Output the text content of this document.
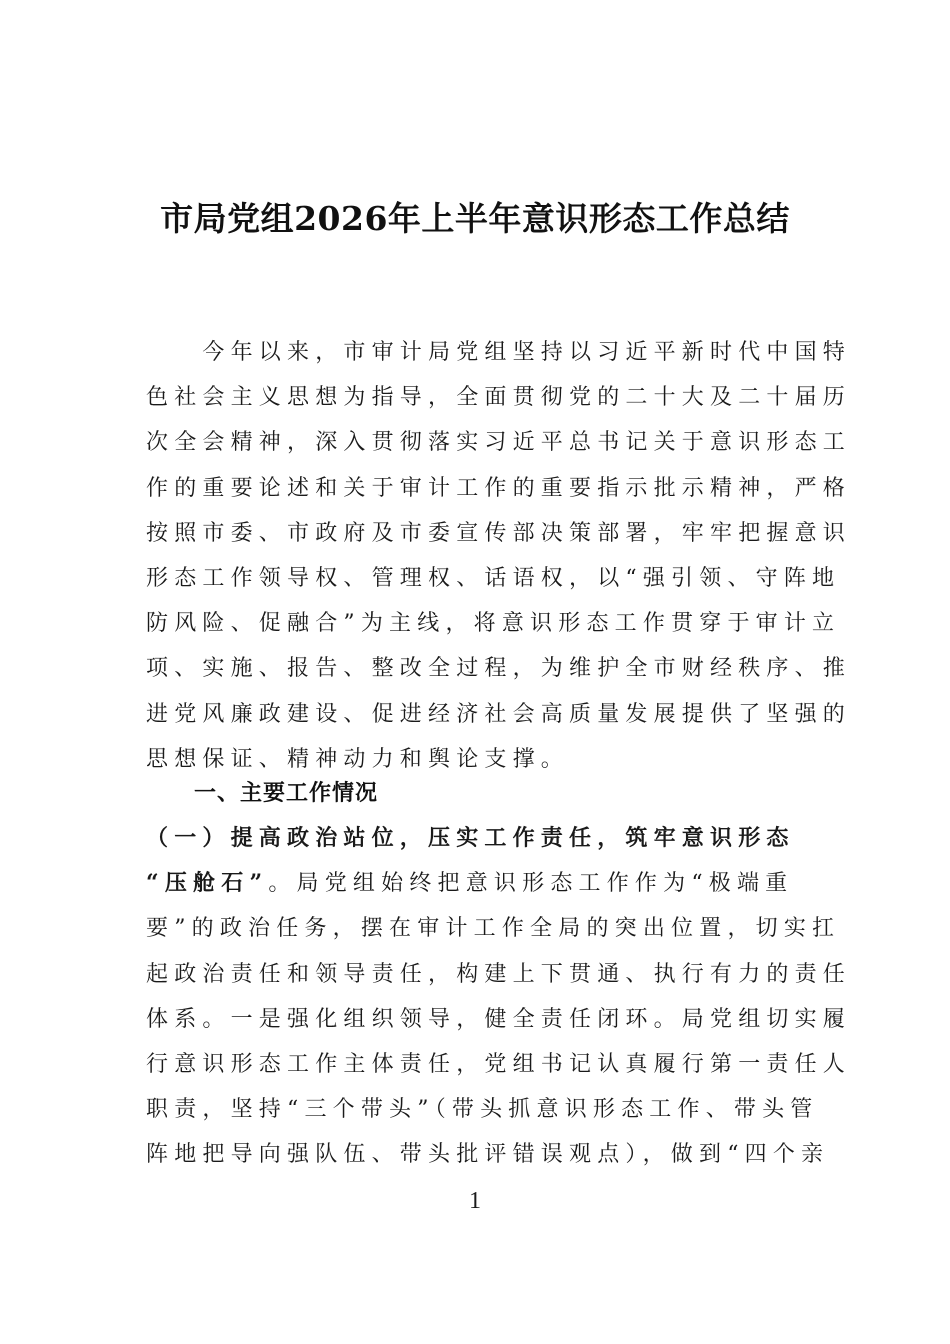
市局党组2026年上半年意识形态工作总结
　　今年以来，市审计局党组坚持以习近平新时代中国特
色社会主义思想为指导，全面贯彻党的二十大及二十届历
次全会精神，深入贯彻落实习近平总书记关于意识形态工
作的重要论述和关于审计工作的重要指示批示精神，严格
按照市委、市政府及市委宣传部决策部署，牢牢把握意识
形态工作领导权、管理权、话语权，以“强引领、守阵地
防风险、促融合”为主线，将意识形态工作贯穿于审计立
项、实施、报告、整改全过程，为维护全市财经秩序、推
进党风廉政建设、促进经济社会高质量发展提供了坚强的
思想保证、精神动力和舆论支撑。
一、主要工作情况
（一）提高政治站位，压实工作责任，筑牢意识形态
“压舱石”。局党组始终把意识形态工作作为“极端重
要”的政治任务，摆在审计工作全局的突出位置，切实扛
起政治责任和领导责任，构建上下贯通、执行有力的责任
体系。一是强化组织领导，健全责任闭环。局党组切实履
行意识形态工作主体责任，党组书记认真履行第一责任人
职责，坚持“三个带头”（带头抓意识形态工作、带头管
阵地把导向强队伍、带头批评错误观点），做到“四个亲
1
